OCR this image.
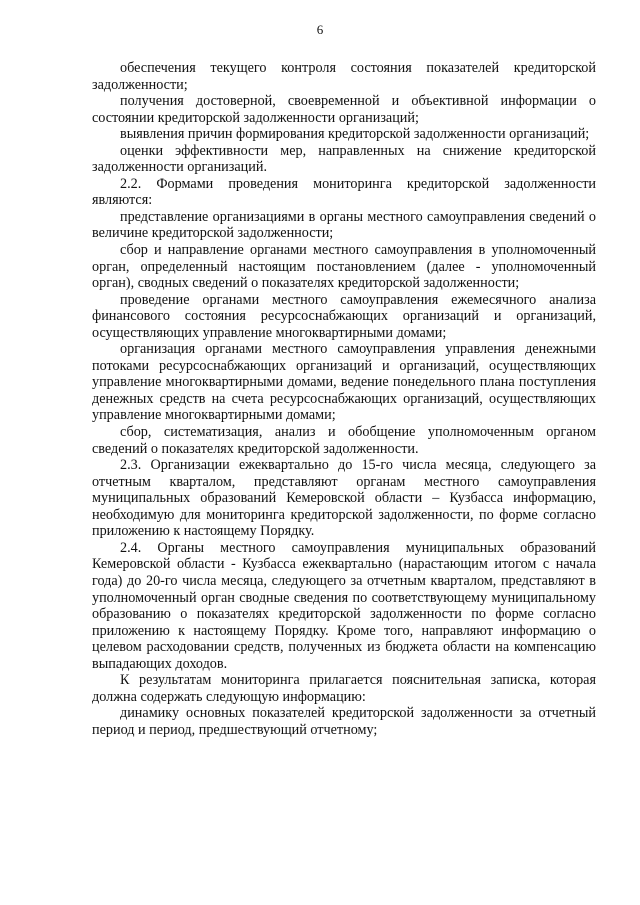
6

обеспечения текущего контроля состояния показателей кредиторской задолженности;

получения достоверной, своевременной и объективной информации о состоянии кредиторской задолженности организаций;

выявления причин формирования кредиторской задолженности организаций;

оценки эффективности мер, направленных на снижение кредиторской задолженности организаций.

2.2. Формами проведения мониторинга кредиторской задолженности являются:

представление организациями в органы местного самоуправления сведений о величине кредиторской задолженности;

сбор и направление органами местного самоуправления в уполномоченный орган, определенный настоящим постановлением (далее - уполномоченный орган), сводных сведений о показателях кредиторской задолженности;

проведение органами местного самоуправления ежемесячного анализа финансового состояния ресурсоснабжающих организаций и организаций, осуществляющих управление многоквартирными домами;

организация органами местного самоуправления управления денежными потоками ресурсоснабжающих организаций и организаций, осуществляющих управление многоквартирными домами, ведение понедельного плана поступления денежных средств на счета ресурсоснабжающих организаций, осуществляющих управление многоквартирными домами;

сбор, систематизация, анализ и обобщение уполномоченным органом сведений о показателях кредиторской задолженности.

2.3. Организации ежеквартально до 15-го числа месяца, следующего за отчетным кварталом, представляют органам местного самоуправления муниципальных образований Кемеровской области – Кузбасса информацию, необходимую для мониторинга кредиторской задолженности, по форме согласно приложению к настоящему Порядку.

2.4. Органы местного самоуправления муниципальных образований Кемеровской области - Кузбасса ежеквартально (нарастающим итогом с начала года) до 20-го числа месяца, следующего за отчетным кварталом, представляют в уполномоченный орган сводные сведения по соответствующему муниципальному образованию о показателях кредиторской задолженности по форме согласно приложению к настоящему Порядку. Кроме того, направляют информацию о целевом расходовании средств, полученных из бюджета области на компенсацию выпадающих доходов.

К результатам мониторинга прилагается пояснительная записка, которая должна содержать следующую информацию:

динамику основных показателей кредиторской задолженности за отчетный период и период, предшествующий отчетному;
